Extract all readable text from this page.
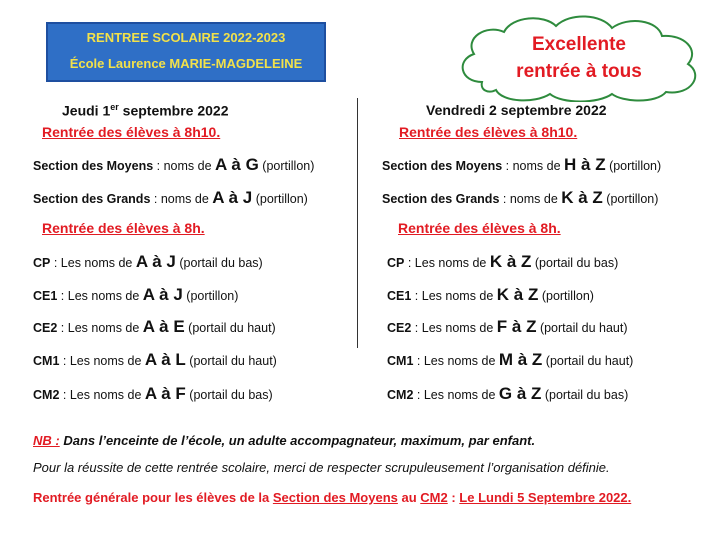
RENTREE SCOLAIRE 2022-2023
École Laurence MARIE-MAGDELEINE
Excellente
rentrée à tous
Jeudi 1er septembre 2022
Rentrée des élèves à 8h10.
Section des Moyens : noms de A à G (portillon)
Section des Grands : noms de A à J (portillon)
Rentrée des élèves à 8h.
CP : Les noms de A à J (portail du bas)
CE1 : Les noms de A à J (portillon)
CE2 : Les noms de A à E (portail du haut)
CM1 : Les noms de A à L (portail du haut)
CM2 : Les noms de A à F (portail du bas)
Vendredi 2 septembre 2022
Rentrée des élèves à 8h10.
Section des Moyens : noms de H à Z (portillon)
Section des Grands : noms de K à Z (portillon)
Rentrée des élèves à 8h.
CP : Les noms de K à Z (portail du bas)
CE1 : Les noms de K à Z (portillon)
CE2 : Les noms de F à Z (portail du haut)
CM1 : Les noms de M à Z (portail du haut)
CM2 : Les noms de G à Z (portail du bas)
NB : Dans l’enceinte de l’école, un adulte accompagnateur, maximum, par enfant.
Pour la réussite de cette rentrée scolaire, merci de respecter scrupuleusement l’organisation définie.
Rentrée générale pour les élèves de la Section des Moyens au CM2 : Le Lundi 5 Septembre 2022.
